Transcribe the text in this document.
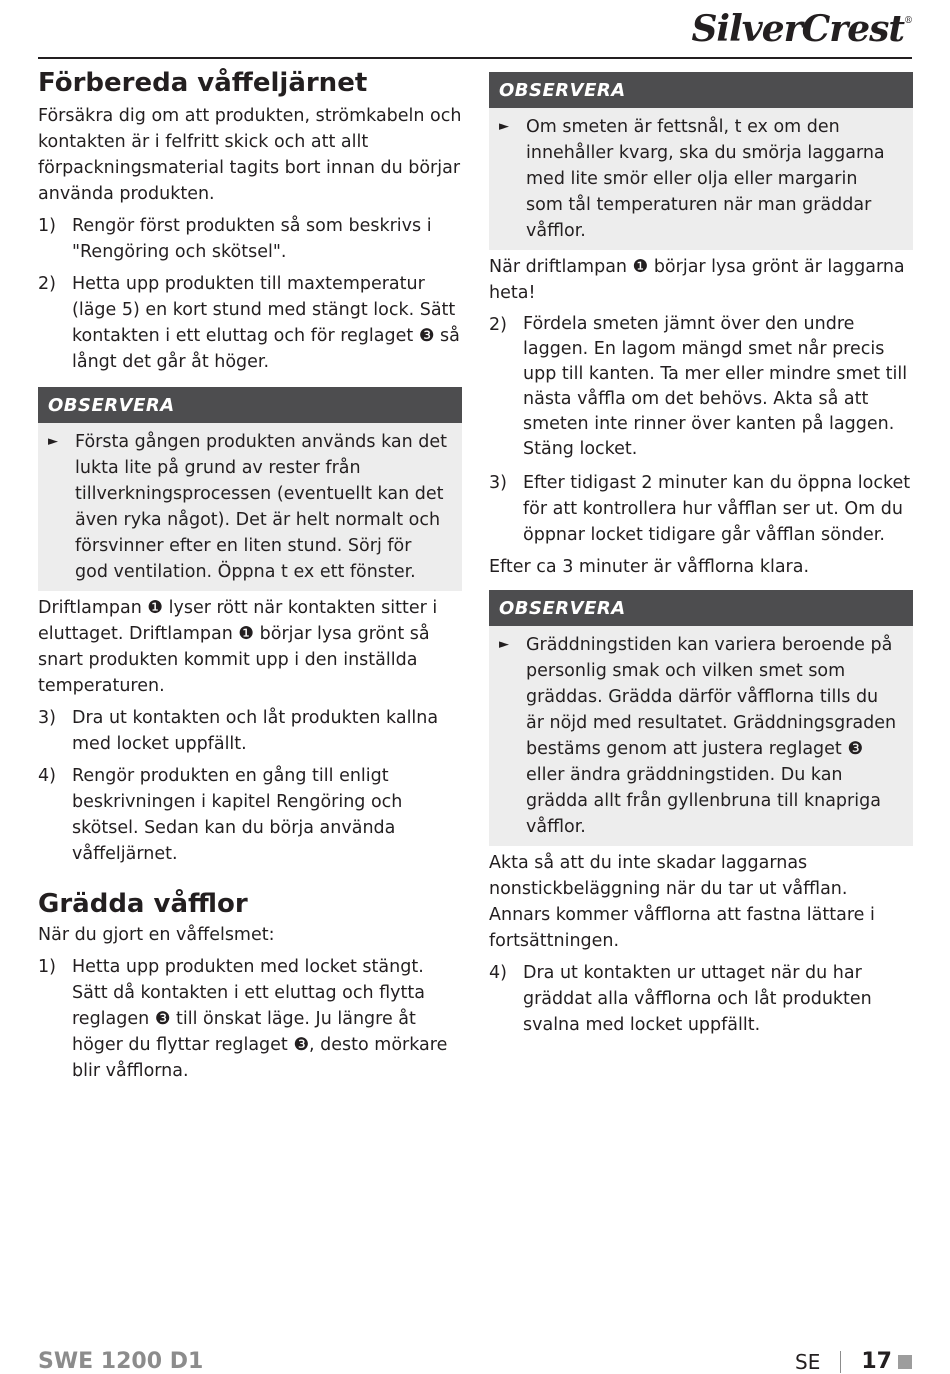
SilverCrest®
Förbereda våffeljärnet

Försäkra dig om att produkten, strömkabeln och kontakten är i felfritt skick och att allt förpackningsmaterial tagits bort innan du börjar använda produkten.

1) Rengör först produkten så som beskrivs i "Rengöring och skötsel".
2) Hetta upp produkten till maxtemperatur (läge 5) en kort stund med stängt lock. Sätt kontakten i ett eluttag och för reglaget ❸ så långt det går åt höger.
OBSERVERA
► Första gången produkten används kan det lukta lite på grund av rester från tillverkningsprocessen (eventuellt kan det även ryka något). Det är helt normalt och försvinner efter en liten stund. Sörj för god ventilation. Öppna t ex ett fönster.

Driftlampan ❶ lyser rött när kontakten sitter i eluttaget. Driftlampan ❶ börjar lysa grönt så snart produkten kommit upp i den inställda temperaturen.

3) Dra ut kontakten och låt produkten kallna med locket uppfällt.
4) Rengör produkten en gång till enligt beskrivningen i kapitel Rengöring och skötsel. Sedan kan du börja använda våffeljärnet.
Grädda våfflor

När du gjort en våffelsmet:

1) Hetta upp produkten med locket stängt. Sätt då kontakten i ett eluttag och flytta reglagen ❸ till önskat läge. Ju längre åt höger du flyttar reglaget ❸, desto mörkare blir våfflorna.
OBSERVERA
► Om smeten är fettsnål, t ex om den innehåller kvarg, ska du smörja laggarna med lite smör eller olja eller margarin som tål temperaturen när man gräddar våfflor.

När driftlampan ❶ börjar lysa grönt är laggarna heta!

2) Fördela smeten jämnt över den undre laggen. En lagom mängd smet når precis upp till kanten. Ta mer eller mindre smet till nästa våffla om det behövs. Akta så att smeten inte rinner över kanten på laggen. Stäng locket.
3) Efter tidigast 2 minuter kan du öppna locket för att kontrollera hur våfflan ser ut. Om du öppnar locket tidigare går våfflan sönder.

Efter ca 3 minuter är våfflorna klara.

OBSERVERA
► Gräddningstiden kan variera beroende på personlig smak och vilken smet som gräddas. Grädda därför våfflorna tills du är nöjd med resultatet. Gräddningsgraden bestäms genom att justera reglaget ❸ eller ändra gräddningstiden. Du kan grädda allt från gyllenbruna till knapriga våfflor.

Akta så att du inte skadar laggarnas nonstickbeläggning när du tar ut våfflan. Annars kommer våfflorna att fastna lättare i fortsättningen.

4) Dra ut kontakten ur uttaget när du har gräddat alla våfflorna och låt produkten svalna med locket uppfällt.
SWE 1200 D1	SE 17
